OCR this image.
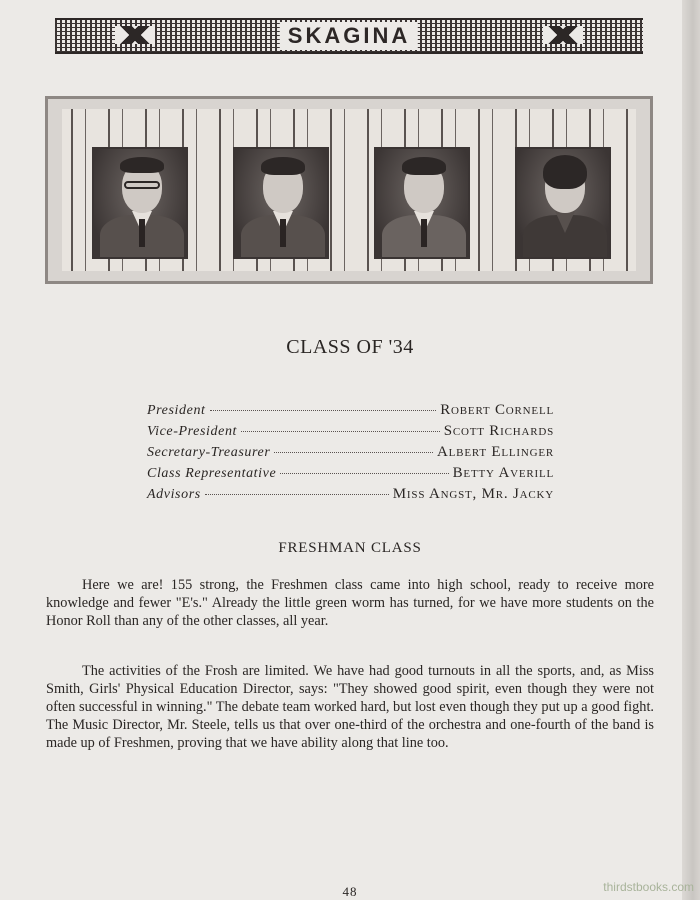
SKAGINA
CLASS OF '34
President	Robert Cornell
Vice-President	Scott Richards
Secretary-Treasurer	Albert Ellinger
Class Representative	Betty Averill
Advisors	Miss Angst, Mr. Jacky
FRESHMAN CLASS

Here we are! 155 strong, the Freshmen class came into high school, ready to receive more knowledge and fewer "E's." Already the little green worm has turned, for we have more students on the Honor Roll than any of the other classes, all year.

The activities of the Frosh are limited. We have had good turnouts in all the sports, and, as Miss Smith, Girls' Physical Education Director, says: "They showed good spirit, even though they were not often successful in winning." The debate team worked hard, but lost even though they put up a good fight. The Music Director, Mr. Steele, tells us that over one-third of the orchestra and one-fourth of the band is made up of Freshmen, proving that we have ability along that line too.

48	thirdstbooks.com
